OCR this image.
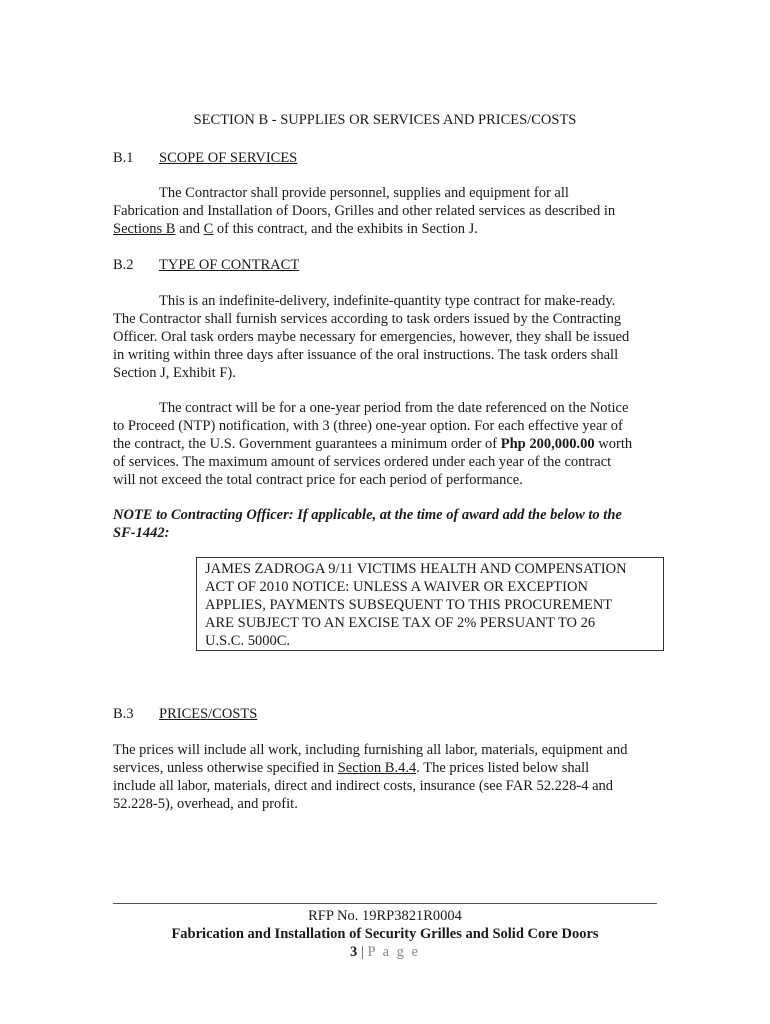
SECTION B - SUPPLIES OR SERVICES AND PRICES/COSTS
B.1 SCOPE OF SERVICES
The Contractor shall provide personnel, supplies and equipment for all
Fabrication and Installation of Doors, Grilles and other related services as described in
Sections B and C of this contract, and the exhibits in Section J.
B.2 TYPE OF CONTRACT
This is an indefinite-delivery, indefinite-quantity type contract for make-ready.
The Contractor shall furnish services according to task orders issued by the Contracting
Officer. Oral task orders maybe necessary for emergencies, however, they shall be issued
in writing within three days after issuance of the oral instructions. The task orders shall
Section J, Exhibit F).
The contract will be for a one-year period from the date referenced on the Notice
to Proceed (NTP) notification, with 3 (three) one-year option. For each effective year of
the contract, the U.S. Government guarantees a minimum order of Php 200,000.00 worth
of services. The maximum amount of services ordered under each year of the contract
will not exceed the total contract price for each period of performance.
NOTE to Contracting Officer: If applicable, at the time of award add the below to the
SF-1442:
JAMES ZADROGA 9/11 VICTIMS HEALTH AND COMPENSATION
ACT OF 2010 NOTICE: UNLESS A WAIVER OR EXCEPTION
APPLIES, PAYMENTS SUBSEQUENT TO THIS PROCUREMENT
ARE SUBJECT TO AN EXCISE TAX OF 2% PERSUANT TO 26
U.S.C. 5000C.
B.3 PRICES/COSTS
The prices will include all work, including furnishing all labor, materials, equipment and
services, unless otherwise specified in Section B.4.4. The prices listed below shall
include all labor, materials, direct and indirect costs, insurance (see FAR 52.228-4 and
52.228-5), overhead, and profit.
RFP No. 19RP3821R0004
Fabrication and Installation of Security Grilles and Solid Core Doors
3 | P a g e
